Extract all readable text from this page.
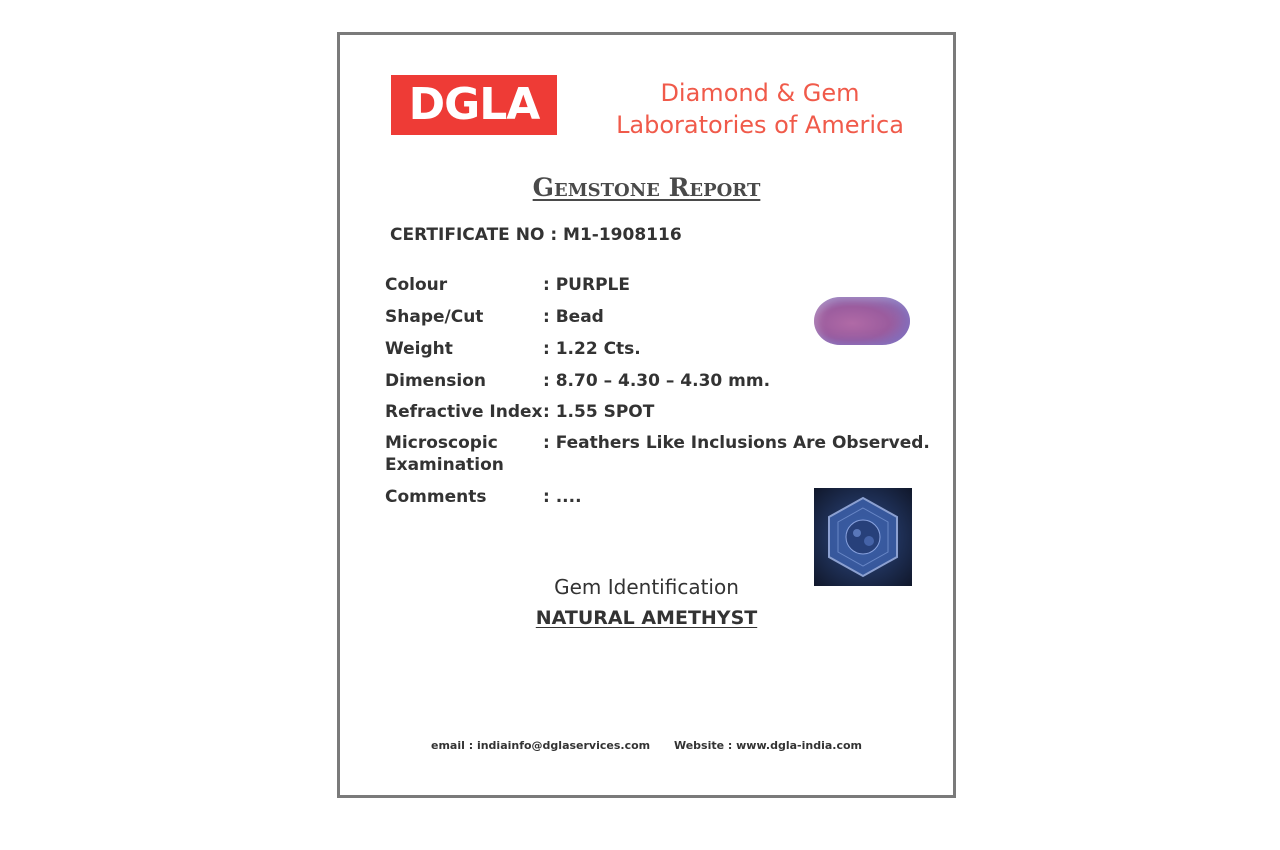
DGLA	Diamond & Gem
Laboratories of America
Gemstone Report
CERTIFICATE NO : M1-1908116
Colour	: PURPLE
Shape/Cut	: Bead
Weight	: 1.22 Cts.
Dimension	: 8.70 – 4.30 – 4.30 mm.
Refractive Index : 1.55 SPOT
Microscopic
Examination
: Feathers Like Inclusions Are Observed.
Comments	: ....
Gem Identification
NATURAL AMETHYST
email : indiainfo@dglaservices.com Website : www.dgla-india.com
